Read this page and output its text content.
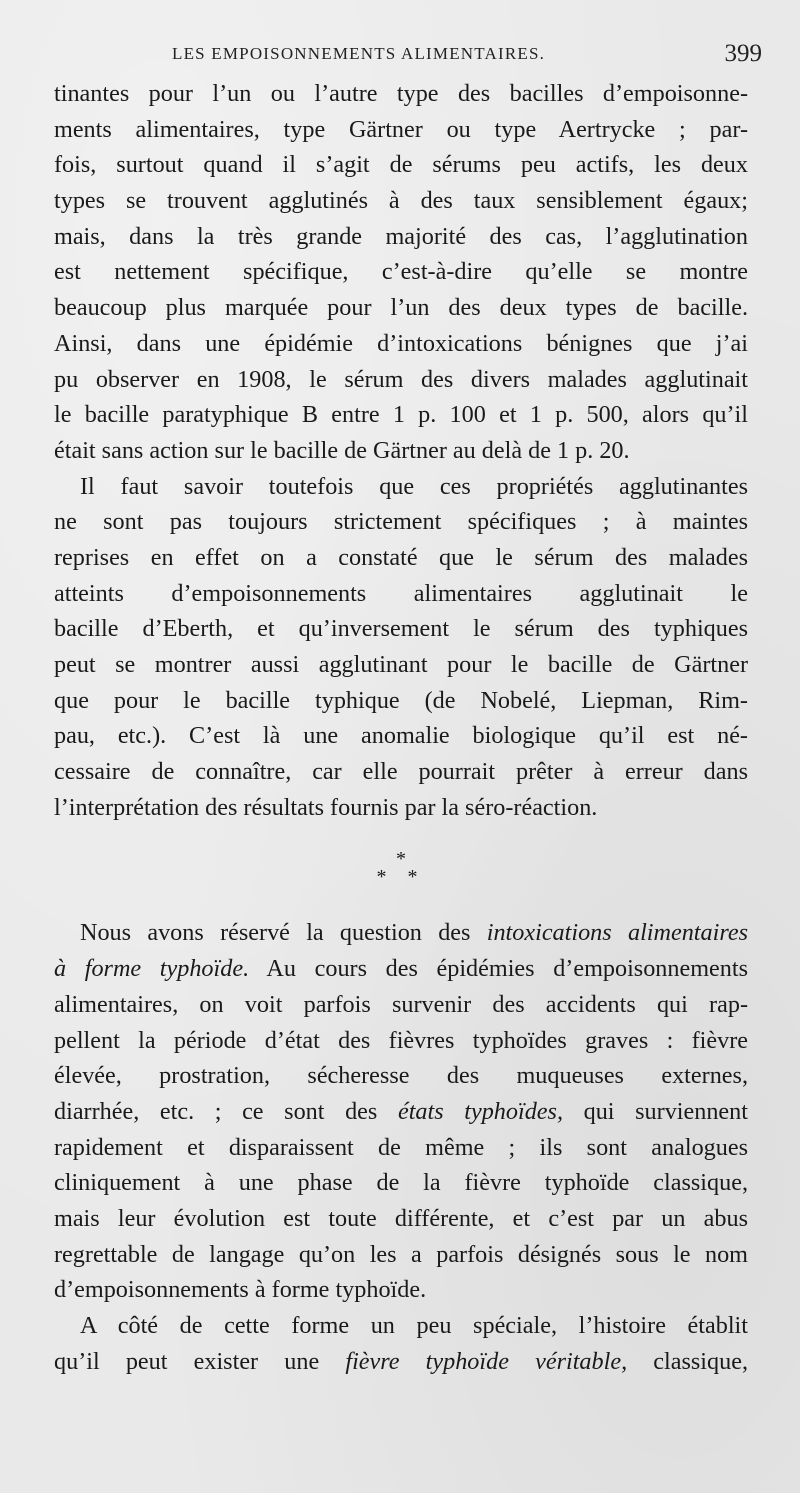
LES EMPOISONNEMENTS ALIMENTAIRES.	399
tinantes pour l’un ou l’autre type des bacilles d’empoisonne-
ments alimentaires, type Gärtner ou type Aertrycke ; par-
fois, surtout quand il s’agit de sérums peu actifs, les deux
types se trouvent agglutinés à des taux sensiblement égaux;
mais, dans la très grande majorité des cas, l’agglutination
est nettement spécifique, c’est-à-dire qu’elle se montre
beaucoup plus marquée pour l’un des deux types de bacille.
Ainsi, dans une épidémie d’intoxications bénignes que j’ai
pu observer en 1908, le sérum des divers malades agglutinait
le bacille paratyphique B entre 1 p. 100 et 1 p. 500, alors qu’il
était sans action sur le bacille de Gärtner au delà de 1 p. 20.
Il faut savoir toutefois que ces propriétés agglutinantes
ne sont pas toujours strictement spécifiques ; à maintes
reprises en effet on a constaté que le sérum des malades
atteints d’empoisonnements alimentaires agglutinait le
bacille d’Eberth, et qu’inversement le sérum des typhiques
peut se montrer aussi agglutinant pour le bacille de Gärtner
que pour le bacille typhique (de Nobelé, Liepman, Rim-
pau, etc.). C’est là une anomalie biologique qu’il est né-
cessaire de connaître, car elle pourrait prêter à erreur dans
l’interprétation des résultats fournis par la séro-réaction.
*
* *
Nous avons réservé la question des intoxications alimentaires
à forme typhoïde. Au cours des épidémies d’empoisonnements
alimentaires, on voit parfois survenir des accidents qui rap-
pellent la période d’état des fièvres typhoïdes graves : fièvre
élevée, prostration, sécheresse des muqueuses externes,
diarrhée, etc. ; ce sont des états typhoïdes, qui surviennent
rapidement et disparaissent de même ; ils sont analogues
cliniquement à une phase de la fièvre typhoïde classique,
mais leur évolution est toute différente, et c’est par un abus
regrettable de langage qu’on les a parfois désignés sous le nom
d’empoisonnements à forme typhoïde.
A côté de cette forme un peu spéciale, l’histoire établit
qu’il peut exister une fièvre typhoïde véritable, classique,
